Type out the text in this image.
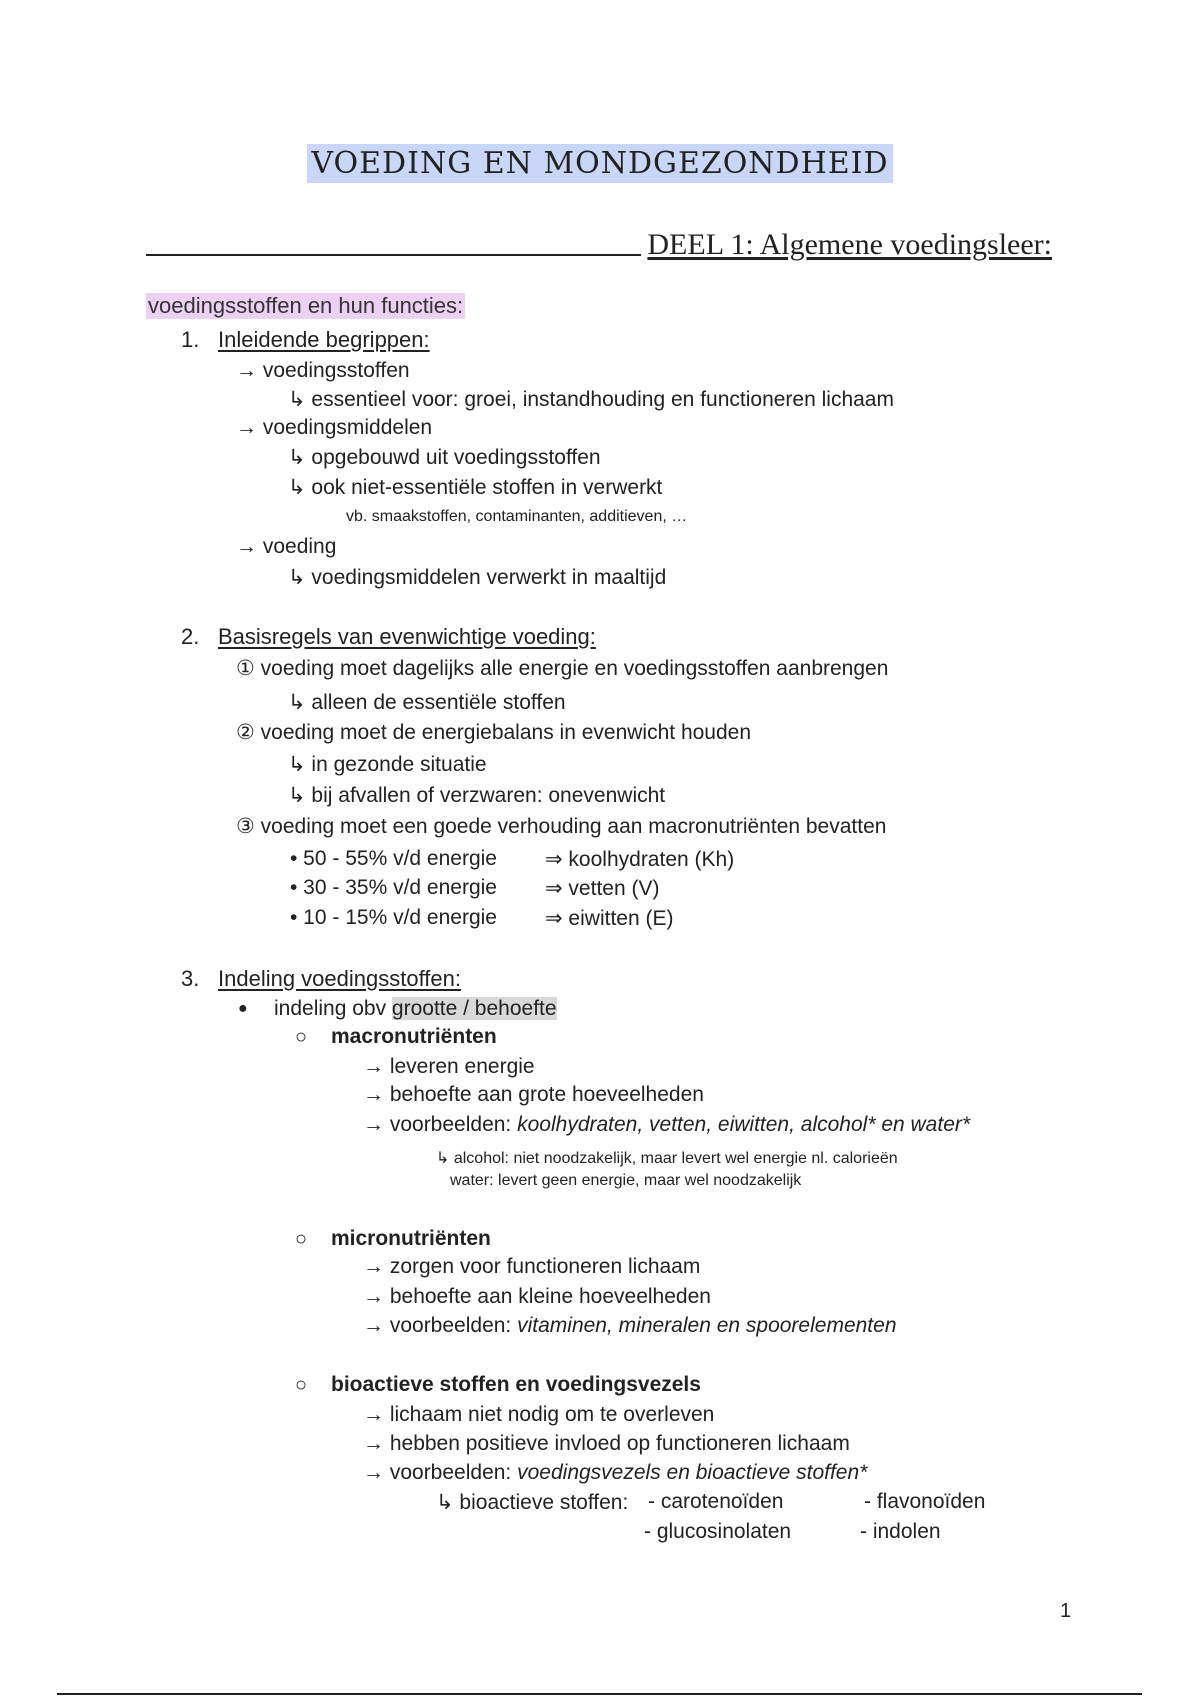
VOEDING EN MONDGEZONDHEID
DEEL 1: Algemene voedingsleer:
voedingsstoffen en hun functies:
1. Inleidende begrippen:
→ voedingsstoffen
↳ essentieel voor: groei, instandhouding en functioneren lichaam
→ voedingsmiddelen
↳ opgebouwd uit voedingsstoffen
↳ ook niet-essentiële stoffen in verwerkt
vb. smaakstoffen, contaminanten, additieven, …
→ voeding
↳ voedingsmiddelen verwerkt in maaltijd
2. Basisregels van evenwichtige voeding:
① voeding moet dagelijks alle energie en voedingsstoffen aanbrengen
↳ alleen de essentiële stoffen
② voeding moet de energiebalans in evenwicht houden
↳ in gezonde situatie
↳ bij afvallen of verzwaren: onevenwicht
③ voeding moet een goede verhouding aan macronutriënten bevatten
• 50 - 55% v/d energie ⇒ koolhydraten (Kh)
• 30 - 35% v/d energie ⇒ vetten (V)
• 10 - 15% v/d energie ⇒ eiwitten (E)
3. Indeling voedingsstoffen:
● indeling obv grootte / behoefte
○ macronutriënten
→ leveren energie
→ behoefte aan grote hoeveelheden
→ voorbeelden: koolhydraten, vetten, eiwitten, alcohol* en water*
↳ alcohol: niet noodzakelijk, maar levert wel energie nl. calorieën
water: levert geen energie, maar wel noodzakelijk
○ micronutriënten
→ zorgen voor functioneren lichaam
→ behoefte aan kleine hoeveelheden
→ voorbeelden: vitaminen, mineralen en spoorelementen
○ bioactieve stoffen en voedingsvezels
→ lichaam niet nodig om te overleven
→ hebben positieve invloed op functioneren lichaam
→ voorbeelden: voedingsvezels en bioactieve stoffen*
↳ bioactieve stoffen: - carotenoïden	- flavonoïden
- glucosinolaten	- indolen
1
